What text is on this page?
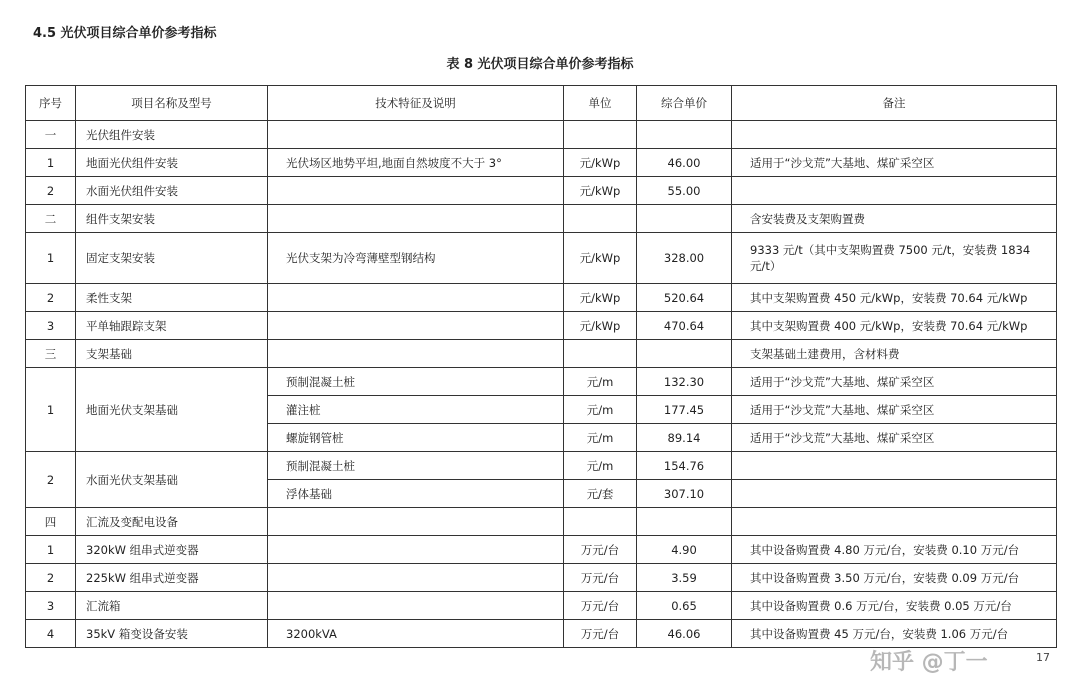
4.5 光伏项目综合单价参考指标
表 8 光伏项目综合单价参考指标
序号	项目名称及型号	技术特征及说明	单位	综合单价	备注
一	光伏组件安装				
1	地面光伏组件安装	光伏场区地势平坦,地面自然坡度不大于 3°	元/kWp	46.00	适用于“沙戈荒”大基地、煤矿采空区
2	水面光伏组件安装		元/kWp	55.00	
二	组件支架安装				含安装费及支架购置费
1	固定支架安装	光伏支架为冷弯薄壁型钢结构	元/kWp	328.00	9333 元/t（其中支架购置费 7500 元/t，安装费 1834 元/t）
2	柔性支架		元/kWp	520.64	其中支架购置费 450 元/kWp，安装费 70.64 元/kWp
3	平单轴跟踪支架		元/kWp	470.64	其中支架购置费 400 元/kWp，安装费 70.64 元/kWp
三	支架基础				支架基础土建费用，含材料费
1	地面光伏支架基础	预制混凝土桩	元/m	132.30	适用于“沙戈荒”大基地、煤矿采空区
		灌注桩	元/m	177.45	适用于“沙戈荒”大基地、煤矿采空区
		螺旋钢管桩	元/m	89.14	适用于“沙戈荒”大基地、煤矿采空区
2	水面光伏支架基础	预制混凝土桩	元/m	154.76	
		浮体基础	元/套	307.10	
四	汇流及变配电设备				
1	320kW 组串式逆变器		万元/台	4.90	其中设备购置费 4.80 万元/台，安装费 0.10 万元/台
2	225kW 组串式逆变器		万元/台	3.59	其中设备购置费 3.50 万元/台，安装费 0.09 万元/台
3	汇流箱		万元/台	0.65	其中设备购置费 0.6 万元/台，安装费 0.05 万元/台
4	35kV 箱变设备安装	3200kVA	万元/台	46.06	其中设备购置费 45 万元/台，安装费 1.06 万元/台
知乎 @丁一	17
